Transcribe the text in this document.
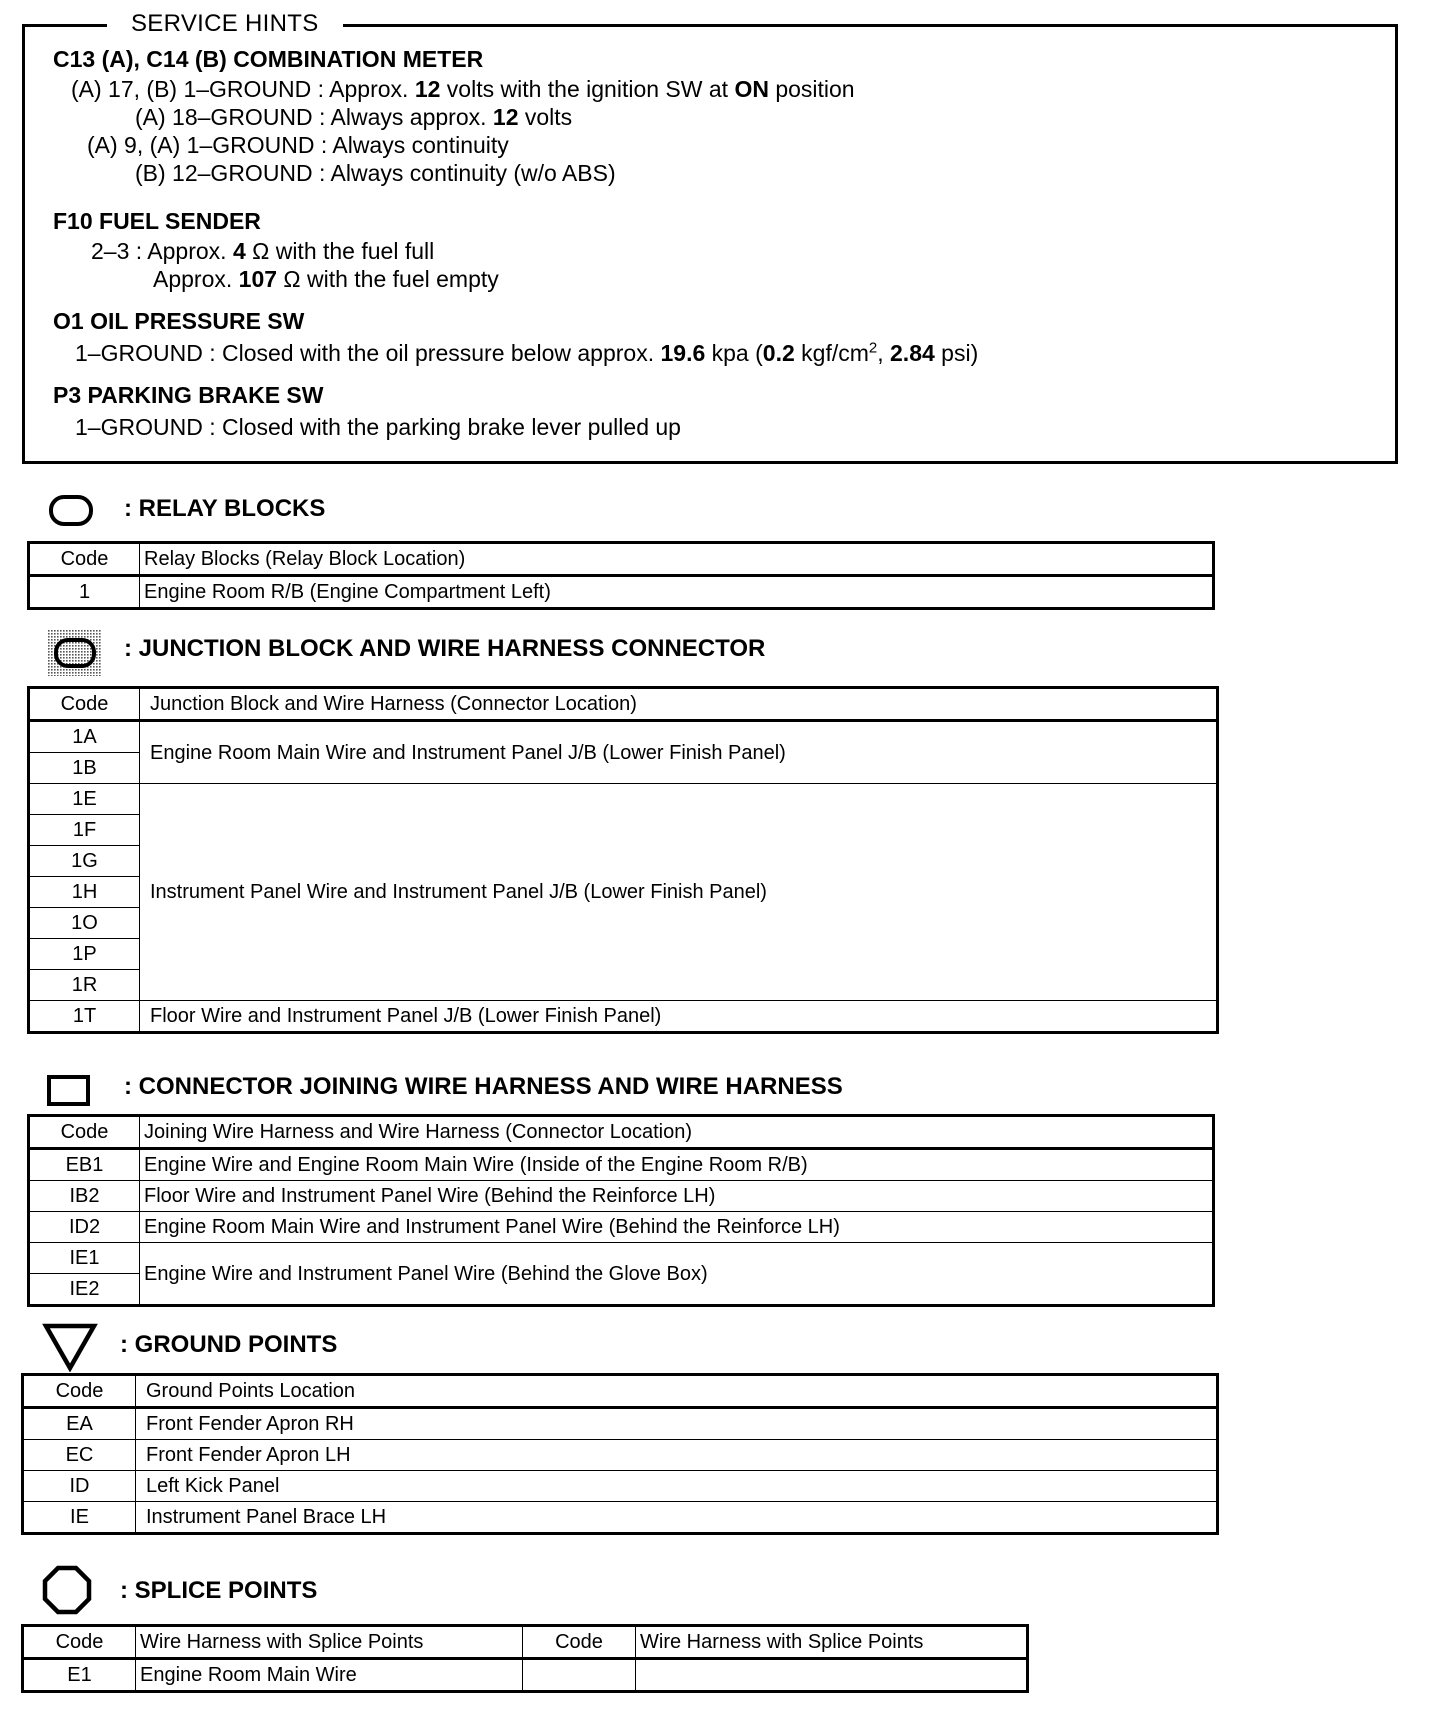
SERVICE HINTS
C13 (A), C14 (B) COMBINATION METER
(A) 17, (B) 1–GROUND : Approx. 12 volts with the ignition SW at ON position
(A) 18–GROUND : Always approx. 12 volts
(A) 9, (A) 1–GROUND : Always continuity
(B) 12–GROUND : Always continuity (w/o ABS)
F10 FUEL SENDER
2–3 : Approx. 4 Ω with the fuel full
Approx. 107 Ω with the fuel empty
O1 OIL PRESSURE SW
1–GROUND : Closed with the oil pressure below approx. 19.6 kpa (0.2 kgf/$cm^2$, 2.84 psi)
P3 PARKING BRAKE SW
1–GROUND : Closed with the parking brake lever pulled up
: RELAY BLOCKS
Code	Relay Blocks (Relay Block Location)
1	Engine Room R/B (Engine Compartment Left)
: JUNCTION BLOCK AND WIRE HARNESS CONNECTOR
Code	Junction Block and Wire Harness (Connector Location)
1A	Engine Room Main Wire and Instrument Panel J/B (Lower Finish Panel)
1B	
1E	Instrument Panel Wire and Instrument Panel J/B (Lower Finish Panel)
1F	
1G	
1H	
1O	
1P	
1R	
1T	Floor Wire and Instrument Panel J/B (Lower Finish Panel)
: CONNECTOR JOINING WIRE HARNESS AND WIRE HARNESS
Code	Joining Wire Harness and Wire Harness (Connector Location)
EB1	Engine Wire and Engine Room Main Wire (Inside of the Engine Room R/B)
IB2	Floor Wire and Instrument Panel Wire (Behind the Reinforce LH)
ID2	Engine Room Main Wire and Instrument Panel Wire (Behind the Reinforce LH)
IE1	Engine Wire and Instrument Panel Wire (Behind the Glove Box)
IE2	
: GROUND POINTS
Code	Ground Points Location
EA	Front Fender Apron RH
EC	Front Fender Apron LH
ID	Left Kick Panel
IE	Instrument Panel Brace LH
: SPLICE POINTS
Code	Wire Harness with Splice Points	Code	Wire Harness with Splice Points
E1	Engine Room Main Wire		
